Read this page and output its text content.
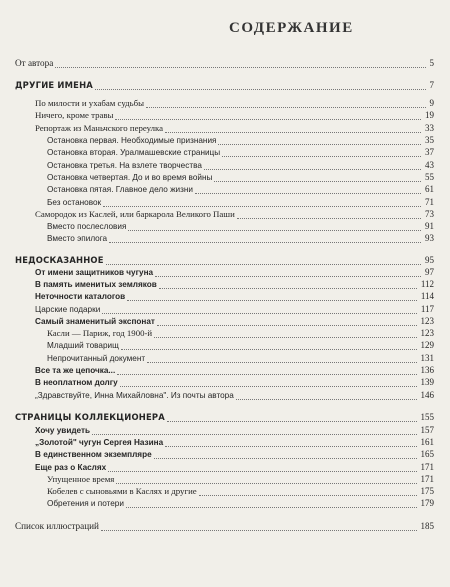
СОДЕРЖАНИЕ
От автора	5
ДРУГИЕ ИМЕНА	7
По милости и ухабам судьбы	9
Ничего, кроме травы	19
Репортаж из Маньчского переулка	33
Остановка первая. Необходимые признания	35
Остановка вторая. Уралмашевские страницы	37
Остановка третья. На взлете творчества	43
Остановка четвертая. До и во время войны	55
Остановка пятая. Главное дело жизни	61
Без остановок	71
Самородок из Каслей, или баркарола Великого Паши	73
Вместо послесловия	91
Вместо эпилога	93
НЕДОСКАЗАННОЕ	95
От имени защитников чугуна	97
В память именитых земляков	112
Неточности каталогов	114
Царские подарки	117
Самый знаменитый экспонат	123
Касли — Париж, год 1900-й	123
Младший товарищ	129
Непрочитанный документ	131
Все та же цепочка...	136
В неоплатном долгу	139
„Здравствуйте, Инна Михайловна". Из почты автора	146
СТРАНИЦЫ КОЛЛЕКЦИОНЕРА	155
Хочу увидеть	157
„Золотой" чугун Сергея Назина	161
В единственном экземпляре	165
Еще раз о Каслях	171
Упущенное время	171
Кобелев с сыновьями в Каслях и другие	175
Обретения и потери	179
Список иллюстраций	185
